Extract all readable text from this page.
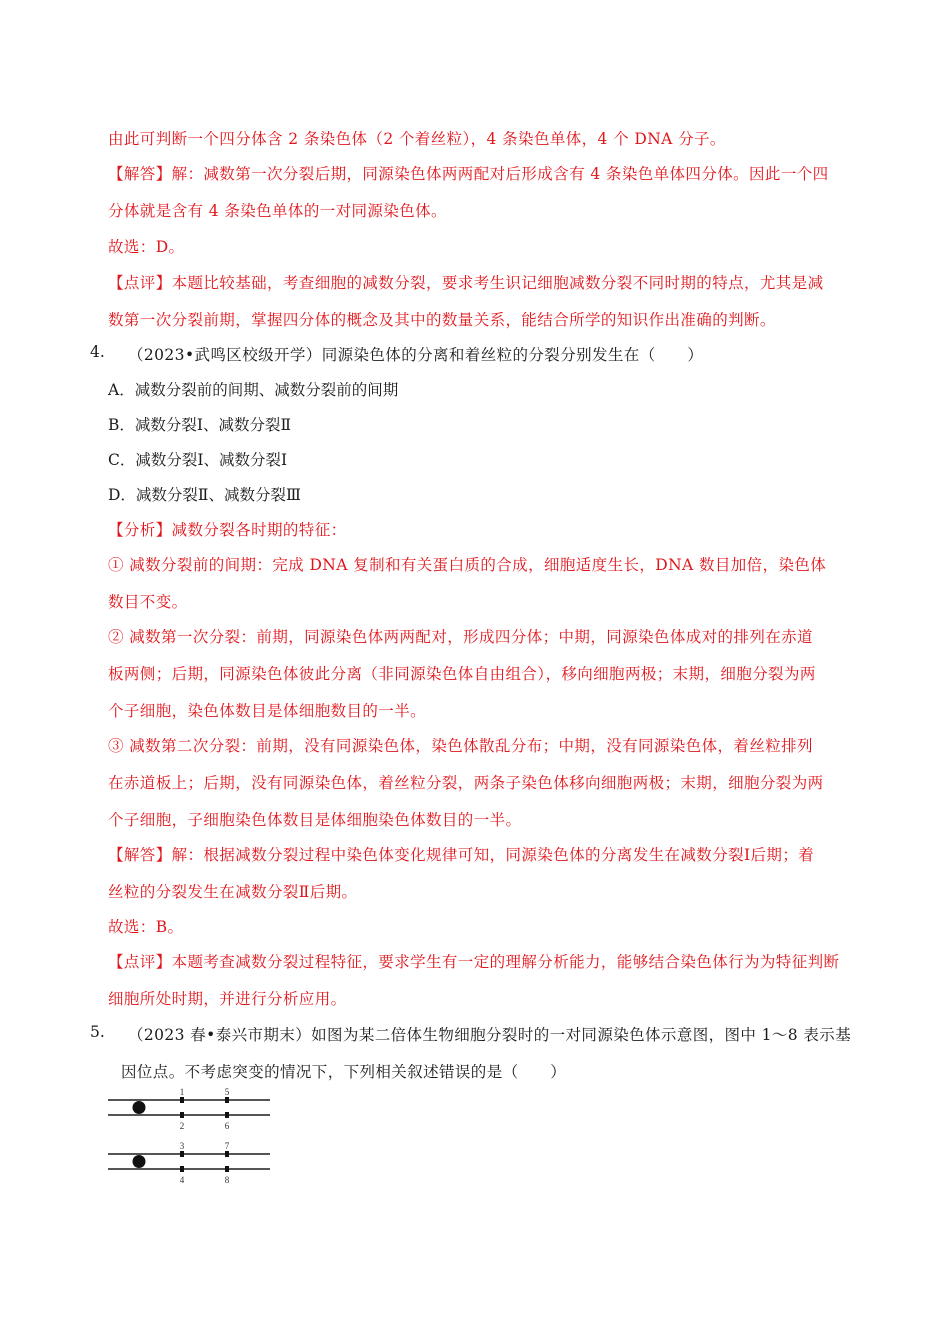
由此可判断一个四分体含 2 条染色体（2 个着丝粒），4 条染色单体，4 个 DNA 分子。
【解答】解：减数第一次分裂后期，同源染色体两两配对后形成含有 4 条染色单体四分体。因此一个四
分体就是含有 4 条染色单体的一对同源染色体。
故选：D。
【点评】本题比较基础，考查细胞的减数分裂，要求考生识记细胞减数分裂不同时期的特点，尤其是减
数第一次分裂前期，掌握四分体的概念及其中的数量关系，能结合所学的知识作出准确的判断。
4. （2023•武鸣区校级开学）同源染色体的分离和着丝粒的分裂分别发生在（　　）
A．减数分裂前的间期、减数分裂前的间期
B．减数分裂Ⅰ、减数分裂Ⅱ
C．减数分裂Ⅰ、减数分裂Ⅰ
D．减数分裂Ⅱ、减数分裂Ⅲ
【分析】减数分裂各时期的特征：
① 减数分裂前的间期：完成 DNA 复制和有关蛋白质的合成，细胞适度生长，DNA 数目加倍，染色体
数目不变。
② 减数第一次分裂：前期，同源染色体两两配对，形成四分体；中期，同源染色体成对的排列在赤道
板两侧；后期，同源染色体彼此分离（非同源染色体自由组合），移向细胞两极；末期，细胞分裂为两
个子细胞，染色体数目是体细胞数目的一半。
③ 减数第二次分裂：前期，没有同源染色体，染色体散乱分布；中期，没有同源染色体，着丝粒排列
在赤道板上；后期，没有同源染色体，着丝粒分裂，两条子染色体移向细胞两极；末期，细胞分裂为两
个子细胞，子细胞染色体数目是体细胞染色体数目的一半。
【解答】解：根据减数分裂过程中染色体变化规律可知，同源染色体的分离发生在减数分裂Ⅰ后期；着
丝粒的分裂发生在减数分裂Ⅱ后期。
故选：B。
【点评】本题考查减数分裂过程特征，要求学生有一定的理解分析能力，能够结合染色体行为为特征判断
细胞所处时期，并进行分析应用。
5. （2023 春•泰兴市期末）如图为某二倍体生物细胞分裂时的一对同源染色体示意图，图中 1～8 表示基
因位点。不考虑突变的情况下，下列相关叙述错误的是（　　）
1
2
3
4
5
6
7
8
